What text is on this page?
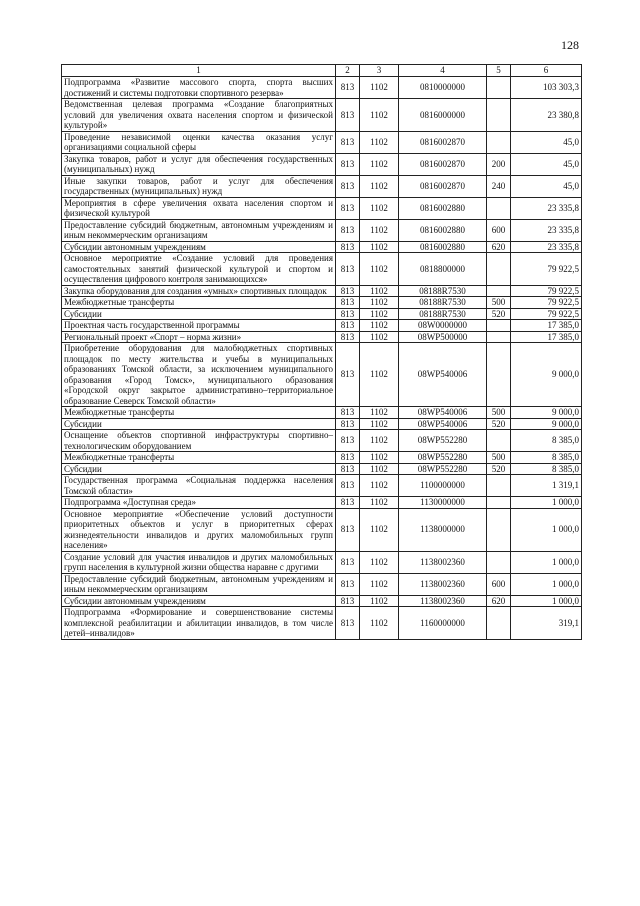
128
1	2	3	4	5	6
Подпрограмма «Развитие массового спорта, спорта высших достижений и системы подготовки спортивного резерва»	813	1102	0810000000		103 303,3
Ведомственная целевая программа «Создание благоприятных условий для увеличения охвата населения спортом и физической культурой»	813	1102	0816000000		23 380,8
Проведение независимой оценки качества оказания услуг организациями социальной сферы	813	1102	0816002870		45,0
Закупка товаров, работ и услуг для обеспечения государственных (муниципальных) нужд	813	1102	0816002870	200	45,0
Иные закупки товаров, работ и услуг для обеспечения государственных (муниципальных) нужд	813	1102	0816002870	240	45,0
Мероприятия в сфере увеличения охвата населения спортом и физической культурой	813	1102	0816002880		23 335,8
Предоставление субсидий бюджетным, автономным учреждениям и иным некоммерческим организациям	813	1102	0816002880	600	23 335,8
Субсидии автономным учреждениям	813	1102	0816002880	620	23 335,8
Основное мероприятие «Создание условий для проведения самостоятельных занятий физической культурой и спортом и осуществления цифрового контроля занимающихся»	813	1102	0818800000		79 922,5
Закупка оборудования для создания «умных» спортивных площадок	813	1102	08188R7530		79 922,5
Межбюджетные трансферты	813	1102	08188R7530	500	79 922,5
Субсидии	813	1102	08188R7530	520	79 922,5
Проектная часть государственной программы	813	1102	08W0000000		17 385,0
Региональный проект «Спорт – норма жизни»	813	1102	08WP500000		17 385,0
Приобретение оборудования для малобюджетных спортивных площадок по месту жительства и учебы в муниципальных образованиях Томской области, за исключением муниципального образования «Город Томск», муниципального образования «Городской округ закрытое административно–территориальное образование Северск Томской области»	813	1102	08WP540006		9 000,0
Межбюджетные трансферты	813	1102	08WP540006	500	9 000,0
Субсидии	813	1102	08WP540006	520	9 000,0
Оснащение объектов спортивной инфраструктуры спортивно–технологическим оборудованием	813	1102	08WP552280		8 385,0
Межбюджетные трансферты	813	1102	08WP552280	500	8 385,0
Субсидии	813	1102	08WP552280	520	8 385,0
Государственная программа «Социальная поддержка населения Томской области»	813	1102	1100000000		1 319,1
Подпрограмма «Доступная среда»	813	1102	1130000000		1 000,0
Основное мероприятие «Обеспечение условий доступности приоритетных объектов и услуг в приоритетных сферах жизнедеятельности инвалидов и других маломобильных групп населения»	813	1102	1138000000		1 000,0
Создание условий для участия инвалидов и других маломобильных групп населения в культурной жизни общества наравне с другими	813	1102	1138002360		1 000,0
Предоставление субсидий бюджетным, автономным учреждениям и иным некоммерческим организациям	813	1102	1138002360	600	1 000,0
Субсидии автономным учреждениям	813	1102	1138002360	620	1 000,0
Подпрограмма «Формирование и совершенствование системы комплексной реабилитации и абилитации инвалидов, в том числе детей–инвалидов»	813	1102	1160000000		319,1
